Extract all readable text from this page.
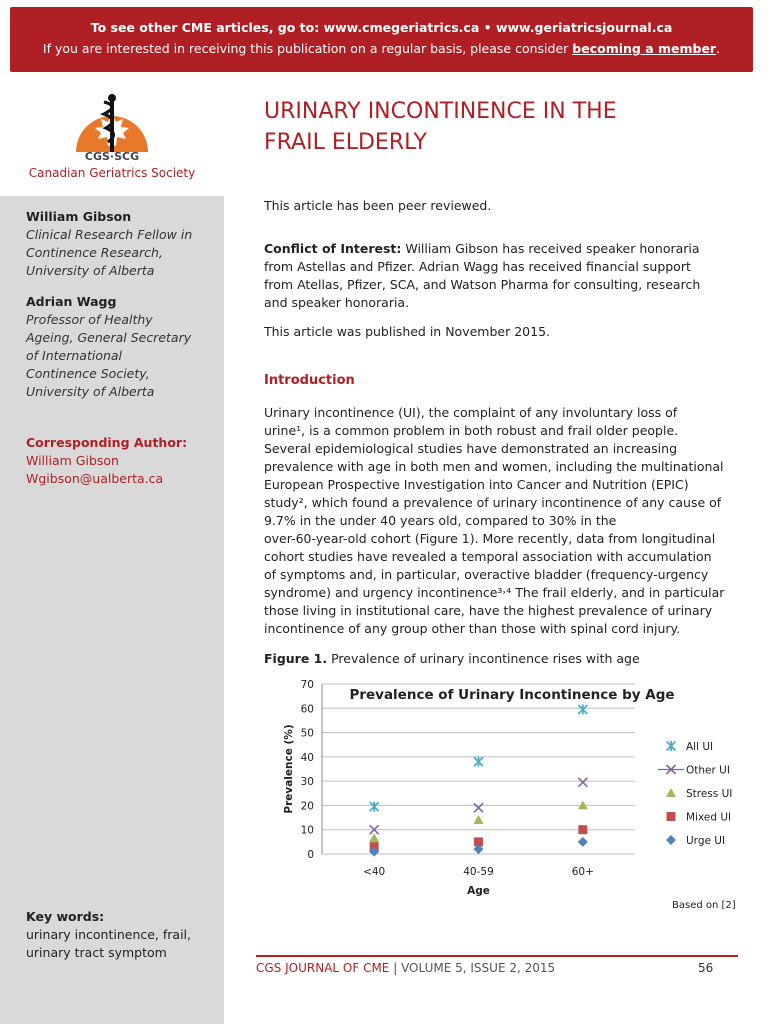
To see other CME articles, go to: www.cmegeriatrics.ca • www.geriatricsjournal.ca
If you are interested in receiving this publication on a regular basis, please consider becoming a member.
CGS·SCG
Canadian Geriatrics Society
William Gibson
Clinical Research Fellow in
Continence Research,
University of Alberta
Adrian Wagg
Professor of Healthy
Ageing, General Secretary
of International
Continence Society,
University of Alberta
Corresponding Author:
William Gibson
Wgibson@ualberta.ca
Key words:
urinary incontinence, frail,
urinary tract symptom
URINARY INCONTINENCE IN THE
FRAIL ELDERLY
This article has been peer reviewed.
Conflict of Interest: William Gibson has received speaker honoraria
from Astellas and Pfizer. Adrian Wagg has received financial support
from Atellas, Pfizer, SCA, and Watson Pharma for consulting, research
and speaker honoraria.
This article was published in November 2015.
Introduction
Urinary incontinence (UI), the complaint of any involuntary loss of
urine¹, is a common problem in both robust and frail older people.
Several epidemiological studies have demonstrated an increasing
prevalence with age in both men and women, including the multinational
European Prospective Investigation into Cancer and Nutrition (EPIC)
study², which found a prevalence of urinary incontinence of any cause of
9.7% in the under 40 years old, compared to 30% in the
over-60-year-old cohort (Figure 1). More recently, data from longitudinal
cohort studies have revealed a temporal association with accumulation
of symptoms and, in particular, overactive bladder (frequency-urgency
syndrome) and urgency incontinence³˒⁴ The frail elderly, and in particular
those living in institutional care, have the highest prevalence of urinary
incontinence of any group other than those with spinal cord injury.
Figure 1. Prevalence of urinary incontinence rises with age
0
10
20
30
40
50
60
70
<40	40-59	60+
Age
Prevalence (%)
Prevalence of Urinary Incontinence by Age
All UI
Other UI
Stress UI
Mixed UI
Urge UI
Based on [2]
CGS JOURNAL OF CME | VOLUME 5, ISSUE 2, 2015	56
